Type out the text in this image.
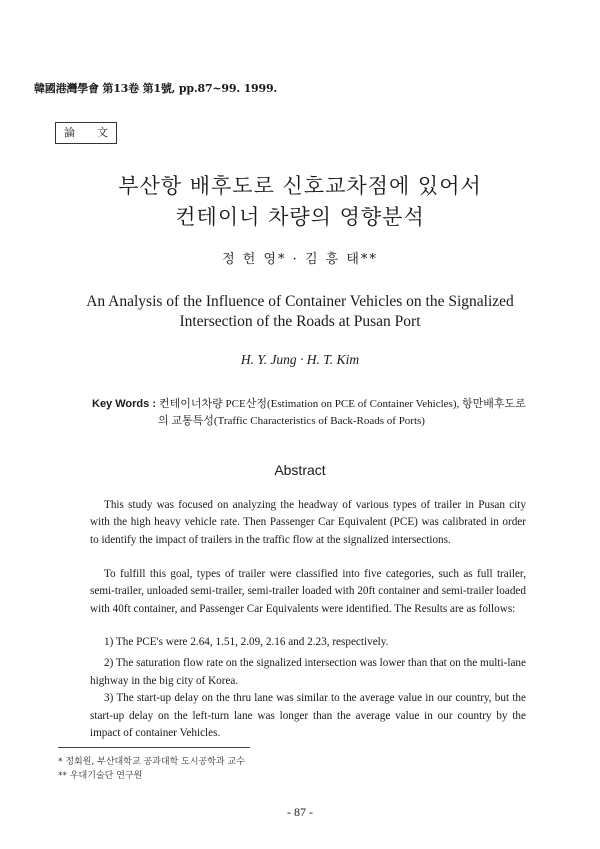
韓國港灣學會 第13卷 第1號, pp.87~99. 1999.
論　　文
부산항 배후도로 신호교차점에 있어서
컨테이너 차량의 영향분석
정 헌 영* · 김 흥 태**
An Analysis of the Influence of Container Vehicles on the Signalized
Intersection of the Roads at Pusan Port
H. Y. Jung · H. T. Kim
Key Words : 컨테이너차량 PCE산정(Estimation on PCE of Container Vehicles), 항만배후도로
의 교통특성(Traffic Characteristics of Back-Roads of Ports)
Abstract
This study was focused on analyzing the headway of various types of trailer in Pusan city with the high heavy vehicle rate. Then Passenger Car Equivalent (PCE) was calibrated in order to identify the impact of trailers in the traffic flow at the signalized intersections.
To fulfill this goal, types of trailer were classified into five categories, such as full trailer, semi-trailer, unloaded semi-trailer, semi-trailer loaded with 20ft container and semi-trailer loaded with 40ft container, and Passenger Car Equivalents were identified. The Results are as follows:

1) The PCE's were 2.64, 1.51, 2.09, 2.16 and 2.23, respectively.

2) The saturation flow rate on the signalized intersection was lower than that on the multi-lane highway in the big city of Korea.

3) The start-up delay on the thru lane was similar to the average value in our country, but the start-up delay on the left-turn lane was longer than the average value in our country by the impact of container Vehicles.

* 정회원, 부산대학교 공과대학 도시공학과 교수
** 우대기술단 연구원
- 87 -
